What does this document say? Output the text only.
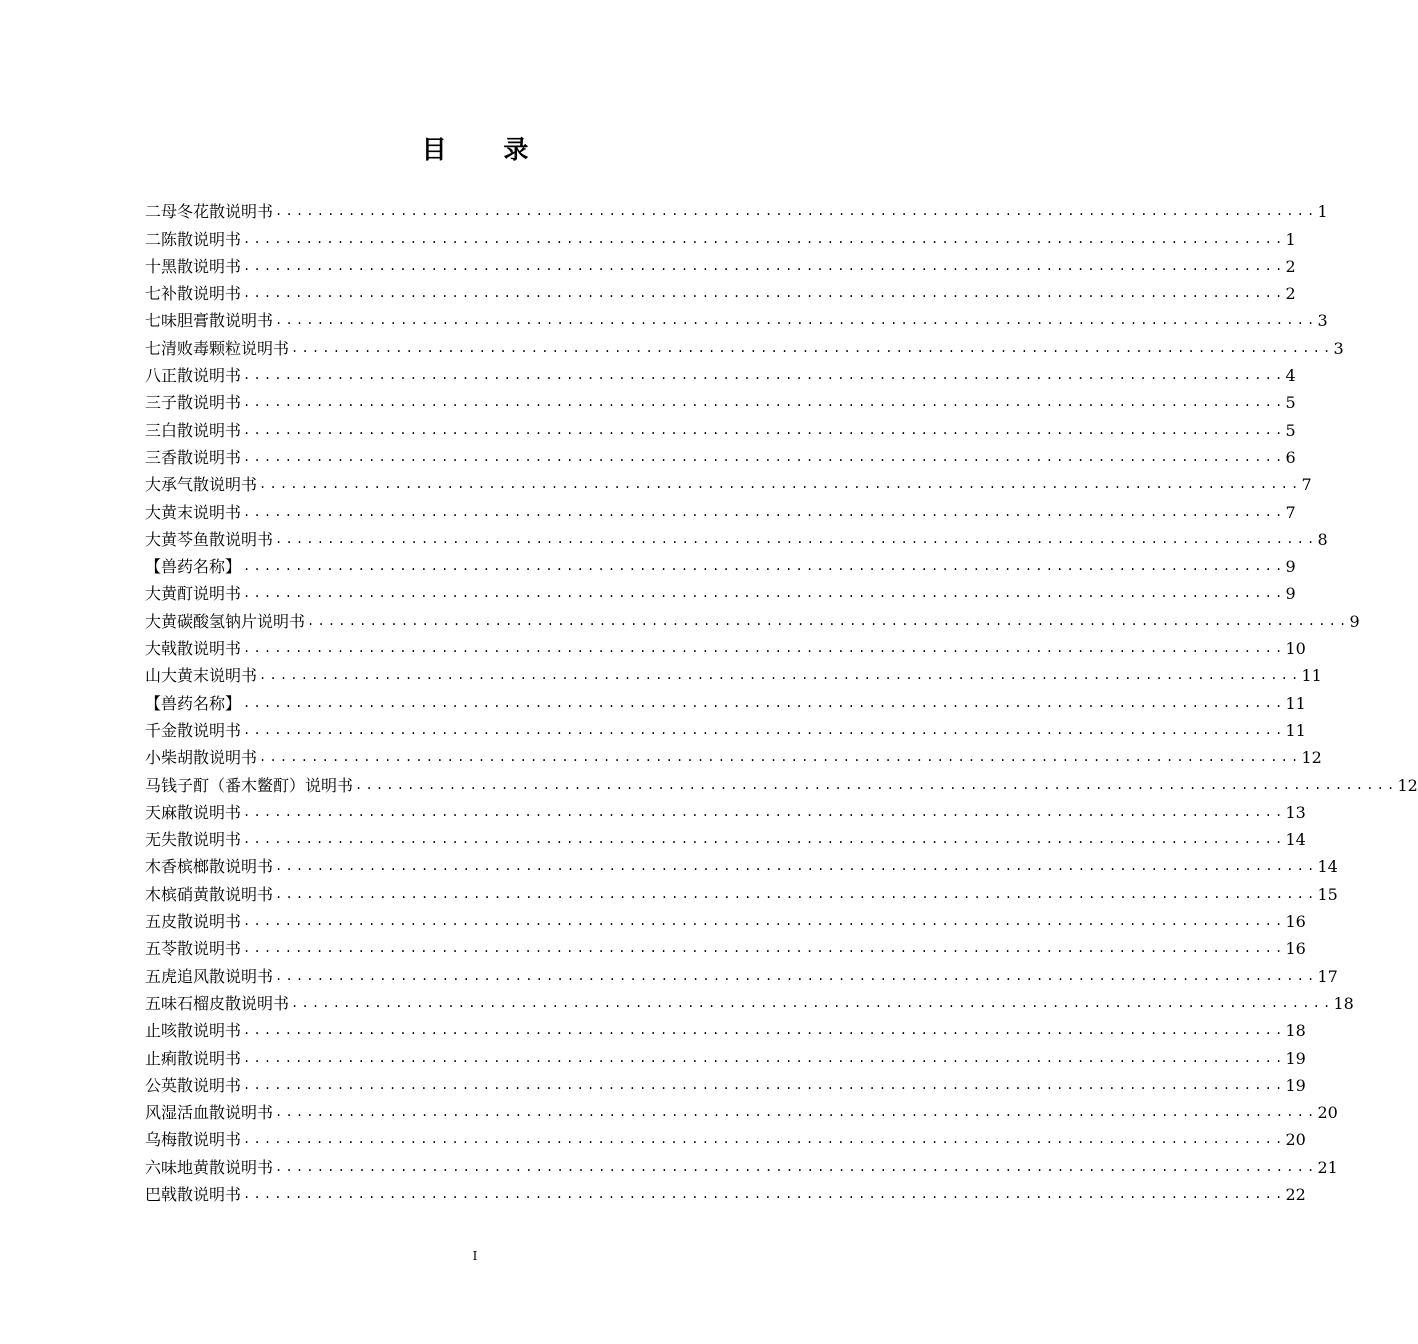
目 录
二母冬花散说明书 .................................................................................................... 1
二陈散说明书 .................................................................................................... 1
十黑散说明书 .................................................................................................... 2
七补散说明书 .................................................................................................... 2
七味胆膏散说明书 .................................................................................................... 3
七清败毒颗粒说明书 .................................................................................................... 3
八正散说明书 .................................................................................................... 4
三子散说明书 .................................................................................................... 5
三白散说明书 .................................................................................................... 5
三香散说明书 .................................................................................................... 6
大承气散说明书 .................................................................................................... 7
大黄末说明书 .................................................................................................... 7
大黄芩鱼散说明书 .................................................................................................... 8
【兽药名称】 .................................................................................................... 9
大黄酊说明书 .................................................................................................... 9
大黄碳酸氢钠片说明书 .................................................................................................... 9
大戟散说明书 .................................................................................................... 10
山大黄末说明书 .................................................................................................... 11
【兽药名称】 .................................................................................................... 11
千金散说明书 .................................................................................................... 11
小柴胡散说明书 .................................................................................................... 12
马钱子酊（番木鳖酊）说明书 .................................................................................................... 12
天麻散说明书 .................................................................................................... 13
无失散说明书 .................................................................................................... 14
木香槟榔散说明书 .................................................................................................... 14
木槟硝黄散说明书 .................................................................................................... 15
五皮散说明书 .................................................................................................... 16
五苓散说明书 .................................................................................................... 16
五虎追风散说明书 .................................................................................................... 17
五味石榴皮散说明书 .................................................................................................... 18
止咳散说明书 .................................................................................................... 18
止痢散说明书 .................................................................................................... 19
公英散说明书 .................................................................................................... 19
风湿活血散说明书 .................................................................................................... 20
乌梅散说明书 .................................................................................................... 20
六味地黄散说明书 .................................................................................................... 21
巴戟散说明书 .................................................................................................... 22
I
